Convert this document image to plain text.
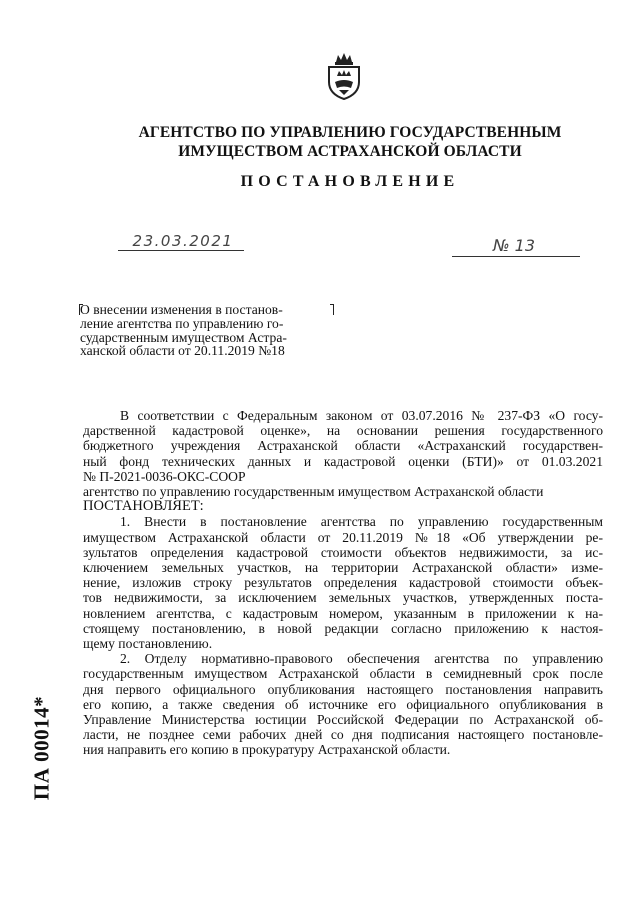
АГЕНТСТВО ПО УПРАВЛЕНИЮ ГОСУДАРСТВЕННЫМ
ИМУЩЕСТВОМ АСТРАХАНСКОЙ ОБЛАСТИ
ПОСТАНОВЛЕНИЕ
23.03.2021	№ 13
О внесении изменения в постанов-
ление агентства по управлению го-
сударственным имуществом Астра-
ханской области от 20.11.2019 №18
В соответствии с Федеральным законом от 03.07.2016 № 237-ФЗ «О госу-
дарственной кадастровой оценке», на основании решения государственного
бюджетного учреждения Астраханской области «Астраханский государствен-
ный фонд технических данных и кадастровой оценки (БТИ)» от 01.03.2021
№ П-2021-0036-ОКС-СООР
агентство по управлению государственным имуществом Астраханской области
ПОСТАНОВЛЯЕТ:
1. Внести в постановление агентства по управлению государственным
имуществом Астраханской области от 20.11.2019 №18 «Об утверждении ре-
зультатов определения кадастровой стоимости объектов недвижимости, за ис-
ключением земельных участков, на территории Астраханской области» изме-
нение, изложив строку результатов определения кадастровой стоимости объек-
тов недвижимости, за исключением земельных участков, утвержденных поста-
новлением агентства, с кадастровым номером, указанным в приложении к на-
стоящему постановлению, в новой редакции согласно приложению к настоя-
щему постановлению.
2. Отделу нормативно-правового обеспечения агентства по управлению
государственным имуществом Астраханской области в семидневный срок после
дня первого официального опубликования настоящего постановления направить
его копию, а также сведения об источнике его официального опубликования в
Управление Министерства юстиции Российской Федерации по Астраханской об-
ласти, не позднее семи рабочих дней со дня подписания настоящего постановле-
ния направить его копию в прокуратуру Астраханской области.
ПА 00014*
